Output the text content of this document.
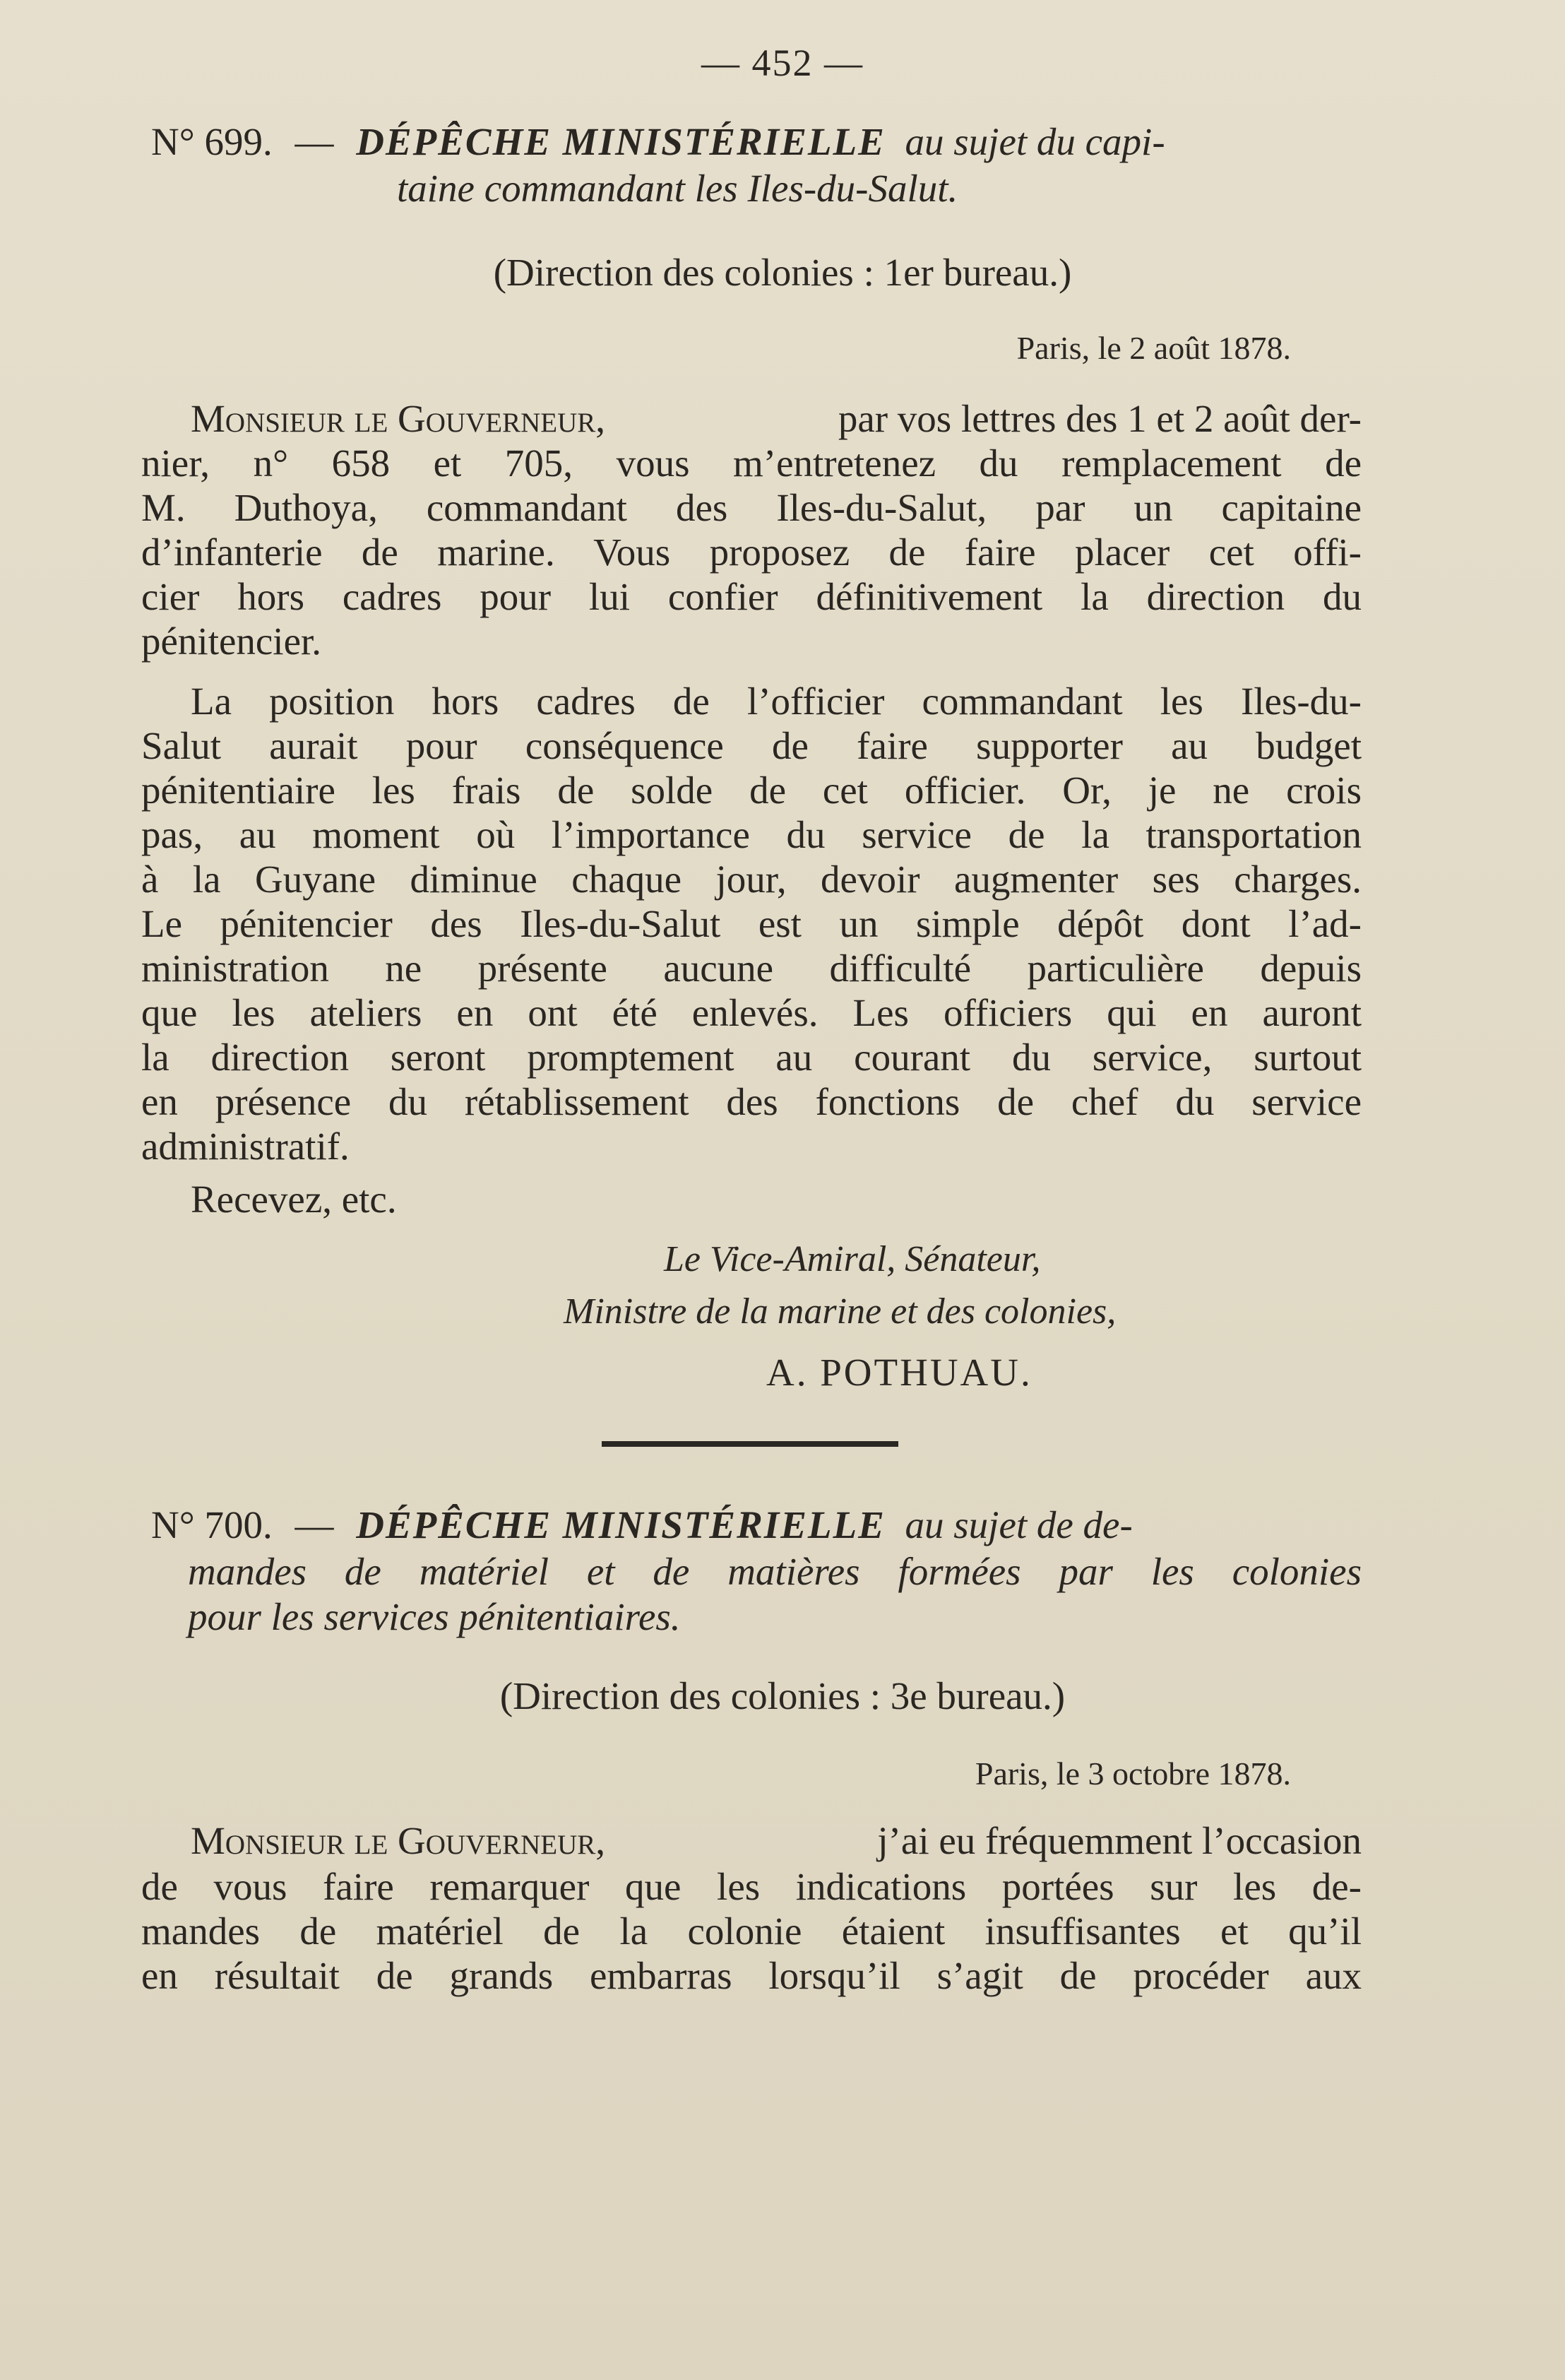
— 452 —
N° 699. — DÉPÊCHE MINISTÉRIELLE au sujet du capi-
taine commandant les Iles-du-Salut.
(Direction des colonies : 1er bureau.)
Paris, le 2 août 1878.
Monsieur le Gouverneur,	par vos lettres des 1 et 2 août der-
nier, n° 658 et 705, vous m’entretenez du remplacement de
M. Duthoya, commandant des Iles-du-Salut, par un capitaine
d’infanterie de marine. Vous proposez de faire placer cet offi-
cier hors cadres pour lui confier définitivement la direction du
pénitencier.
La position hors cadres de l’officier commandant les Iles-du-
Salut aurait pour conséquence de faire supporter au budget
pénitentiaire les frais de solde de cet officier. Or, je ne crois
pas, au moment où l’importance du service de la transportation
à la Guyane diminue chaque jour, devoir augmenter ses charges.
Le pénitencier des Iles-du-Salut est un simple dépôt dont l’ad-
ministration ne présente aucune difficulté particulière depuis
que les ateliers en ont été enlevés. Les officiers qui en auront
la direction seront promptement au courant du service, surtout
en présence du rétablissement des fonctions de chef du service
administratif.
Recevez, etc.
Le Vice-Amiral, Sénateur,
Ministre de la marine et des colonies,
A. POTHUAU.
N° 700. — DÉPÊCHE MINISTÉRIELLE au sujet de de-
mandes de matériel et de matières formées par les colonies
pour les services pénitentiaires.
(Direction des colonies : 3e bureau.)
Paris, le 3 octobre 1878.
Monsieur le Gouverneur,	j’ai eu fréquemment l’occasion
de vous faire remarquer que les indications portées sur les de-
mandes de matériel de la colonie étaient insuffisantes et qu’il
en résultait de grands embarras lorsqu’il s’agit de procéder aux
